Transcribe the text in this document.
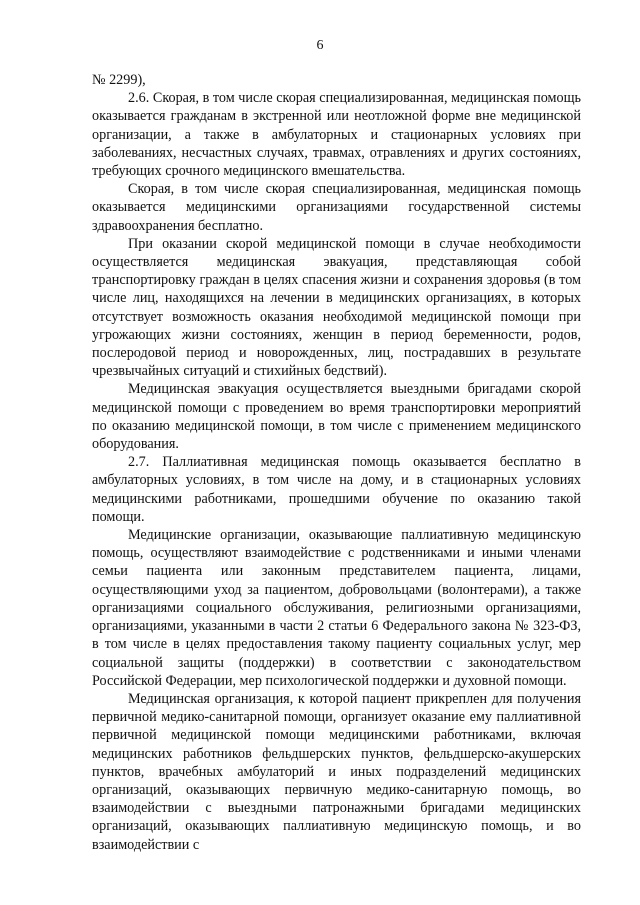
6

№ 2299),

2.6. Скорая, в том числе скорая специализированная, медицинская помощь оказывается гражданам в экстренной или неотложной форме вне медицинской организации, а также в амбулаторных и стационарных условиях при заболеваниях, несчастных случаях, травмах, отравлениях и других состояниях, требующих срочного медицинского вмешательства.

Скорая, в том числе скорая специализированная, медицинская помощь оказывается медицинскими организациями государственной системы здравоохранения бесплатно.

При оказании скорой медицинской помощи в случае необходимости осуществляется медицинская эвакуация, представляющая собой транспортировку граждан в целях спасения жизни и сохранения здоровья (в том числе лиц, находящихся на лечении в медицинских организациях, в которых отсутствует возможность оказания необходимой медицинской помощи при угрожающих жизни состояниях, женщин в период беременности, родов, послеродовой период и новорожденных, лиц, пострадавших в результате чрезвычайных ситуаций и стихийных бедствий).

Медицинская эвакуация осуществляется выездными бригадами скорой медицинской помощи с проведением во время транспортировки мероприятий по оказанию медицинской помощи, в том числе с применением медицинского оборудования.

2.7. Паллиативная медицинская помощь оказывается бесплатно в амбулаторных условиях, в том числе на дому, и в стационарных условиях медицинскими работниками, прошедшими обучение по оказанию такой помощи.

Медицинские организации, оказывающие паллиативную медицинскую помощь, осуществляют взаимодействие с родственниками и иными членами семьи пациента или законным представителем пациента, лицами, осуществляющими уход за пациентом, добровольцами (волонтерами), а также организациями социального обслуживания, религиозными организациями, организациями, указанными в части 2 статьи 6 Федерального закона № 323-ФЗ, в том числе в целях предоставления такому пациенту социальных услуг, мер социальной защиты (поддержки) в соответствии с законодательством Российской Федерации, мер психологической поддержки и духовной помощи.

Медицинская организация, к которой пациент прикреплен для получения первичной медико-санитарной помощи, организует оказание ему паллиативной первичной медицинской помощи медицинскими работниками, включая медицинских работников фельдшерских пунктов, фельдшерско-акушерских пунктов, врачебных амбулаторий и иных подразделений медицинских организаций, оказывающих первичную медико-санитарную помощь, во взаимодействии с выездными патронажными бригадами медицинских организаций, оказывающих паллиативную медицинскую помощь, и во взаимодействии с
